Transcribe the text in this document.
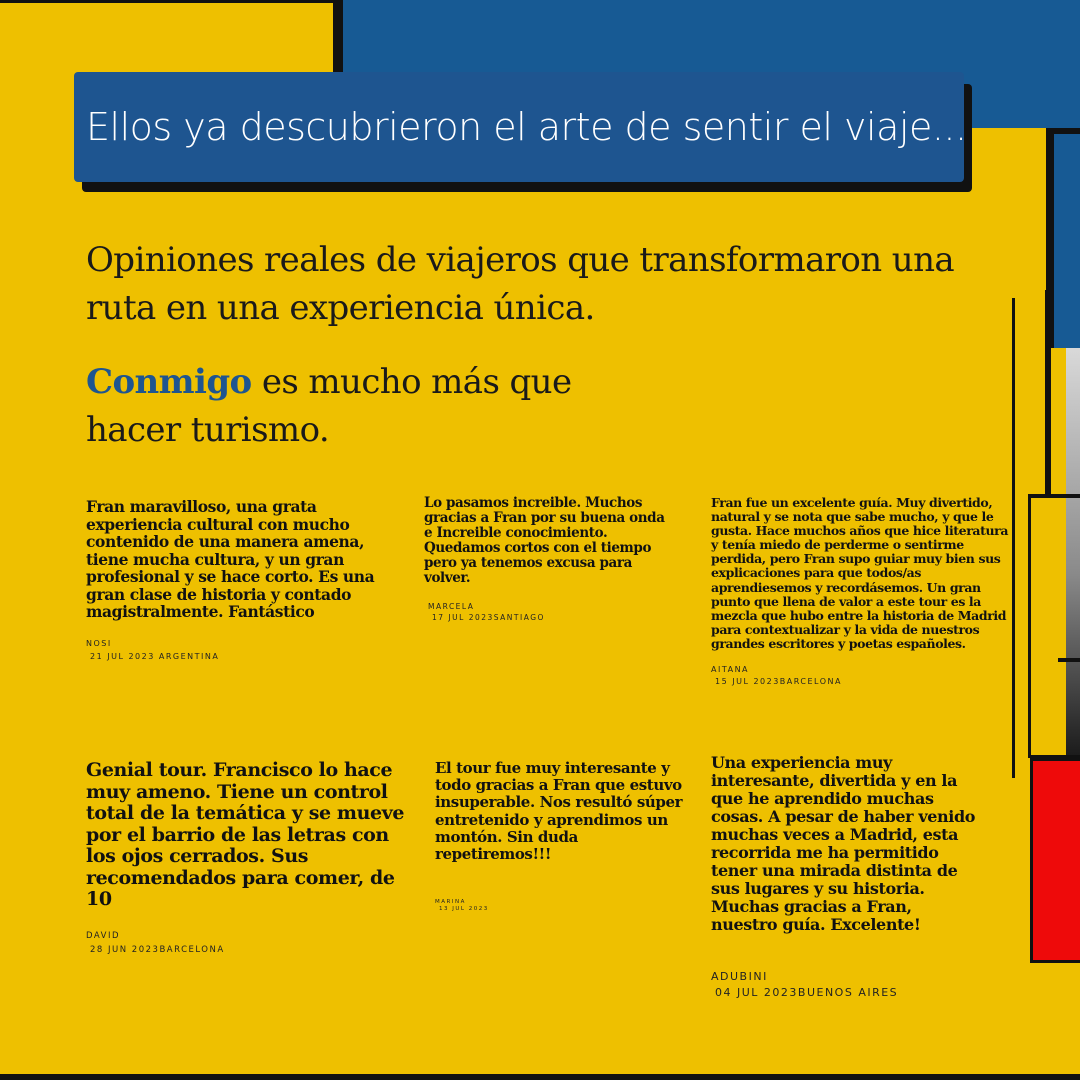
Ellos ya descubrieron el arte de sentir el viaje...
Opiniones reales de viajeros que transformaron una ruta en una experiencia única.
Conmigo es mucho más que hacer turismo.
Fran maravilloso, una grata experiencia cultural con mucho contenido de una manera amena, tiene mucha cultura, y un gran profesional y se hace corto. Es una gran clase de historia y contado magistralmente. Fantástico
NOSI
21 JUL 2023 ARGENTINA
Lo pasamos increible. Muchos gracias a Fran por su buena onda e Increible conocimiento. Quedamos cortos con el tiempo pero ya tenemos excusa para volver.
MARCELA
17 JUL 2023SANTIAGO
Fran fue un excelente guía. Muy divertido, natural y se nota que sabe mucho, y que le gusta. Hace muchos años que hice literatura y tenía miedo de perderme o sentirme perdida, pero Fran supo guiar muy bien sus explicaciones para que todos/as aprendiesemos y recordásemos. Un gran punto que llena de valor a este tour es la mezcla que hubo entre la historia de Madrid para contextualizar y la vida de nuestros grandes escritores y poetas españoles.
AITANA
15 JUL 2023BARCELONA
Genial tour. Francisco lo hace muy ameno. Tiene un control total de la temática y se mueve por el barrio de las letras con los ojos cerrados. Sus recomendados para comer, de 10
DAVID
28 JUN 2023BARCELONA
El tour fue muy interesante y todo gracias a Fran que estuvo insuperable. Nos resultó súper entretenido y aprendimos un montón. Sin duda repetiremos!!!
MARINA
13 JUL 2023
Una experiencia muy interesante, divertida y en la que he aprendido muchas cosas. A pesar de haber venido muchas veces a Madrid, esta recorrida me ha permitido tener una mirada distinta de sus lugares y su historia. Muchas gracias a Fran, nuestro guía. Excelente!
ADUBINI
04 JUL 2023BUENOS AIRES
